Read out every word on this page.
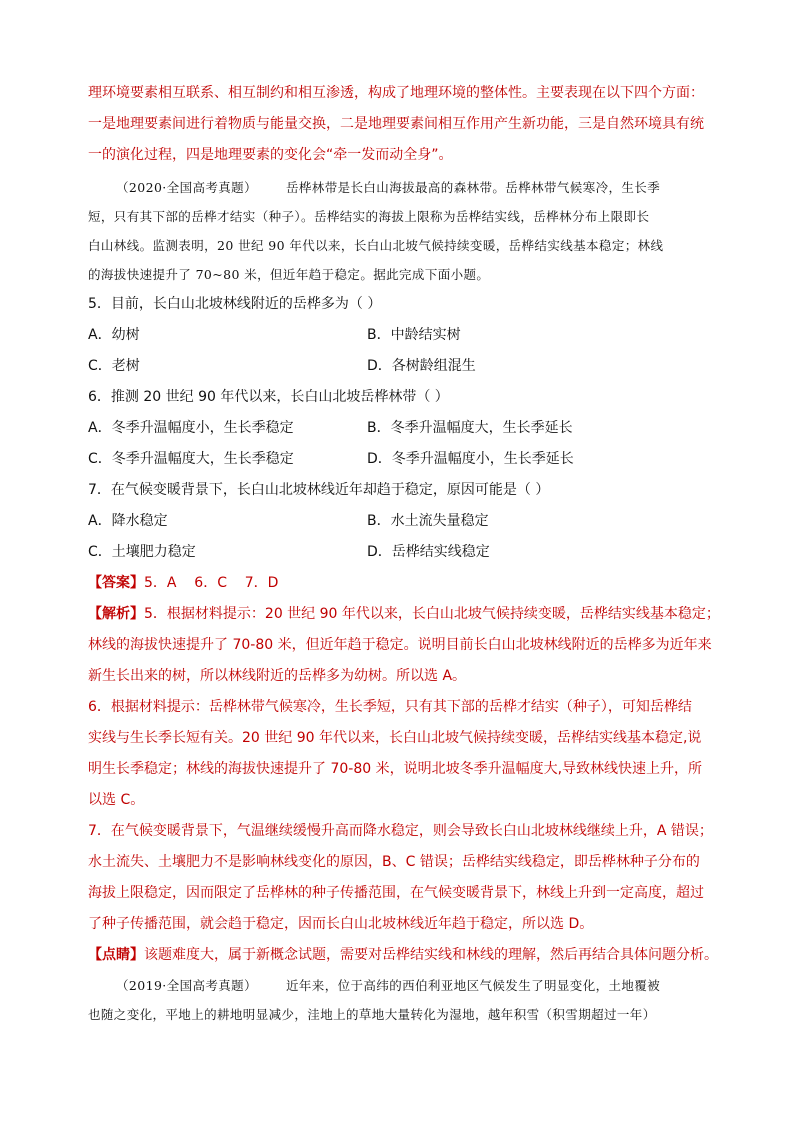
理环境要素相互联系、相互制约和相互渗透，构成了地理环境的整体性。主要表现在以下四个方面：

一是地理要素间进行着物质与能量交换，二是地理要素间相互作用产生新功能，三是自然环境具有统

一的演化过程，四是地理要素的变化会“牵一发而动全身”。

（2020·全国高考真题） 岳桦林带是长白山海拔最高的森林带。岳桦林带气候寒冷，生长季

短，只有其下部的岳桦才结实（种子）。岳桦结实的海拔上限称为岳桦结实线，岳桦林分布上限即长

白山林线。监测表明，20 世纪 90 年代以来，长白山北坡气候持续变暖，岳桦结实线基本稳定；林线

的海拔快速提升了 70~80 米，但近年趋于稳定。据此完成下面小题。

5．目前，长白山北坡林线附近的岳桦多为（ ）

A．幼树	B．中龄结实树
C．老树	D．各树龄组混生

6．推测 20 世纪 90 年代以来，长白山北坡岳桦林带（ ）

A．冬季升温幅度小，生长季稳定	B．冬季升温幅度大，生长季延长
C．冬季升温幅度大，生长季稳定	D．冬季升温幅度小，生长季延长

7．在气候变暖背景下，长白山北坡林线近年却趋于稳定，原因可能是（ ）

A．降水稳定	B．水土流失量稳定
C．土壤肥力稳定	D．岳桦结实线稳定

【答案】5．A    6．C    7．D

【解析】5．根据材料提示：20 世纪 90 年代以来，长白山北坡气候持续变暖，岳桦结实线基本稳定；

林线的海拔快速提升了 70-80 米，但近年趋于稳定。说明目前长白山北坡林线附近的岳桦多为近年来

新生长出来的树，所以林线附近的岳桦多为幼树。所以选 A。

6．根据材料提示：岳桦林带气候寒冷，生长季短，只有其下部的岳桦才结实（种子），可知岳桦结

实线与生长季长短有关。20 世纪 90 年代以来，长白山北坡气候持续变暖，岳桦结实线基本稳定,说

明生长季稳定；林线的海拔快速提升了 70-80 米，说明北坡冬季升温幅度大,导致林线快速上升，所

以选 C。

7．在气候变暖背景下，气温继续缓慢升高而降水稳定，则会导致长白山北坡林线继续上升，A 错误；

水土流失、土壤肥力不是影响林线变化的原因，B、C 错误；岳桦结实线稳定，即岳桦林种子分布的

海拔上限稳定，因而限定了岳桦林的种子传播范围，在气候变暖背景下，林线上升到一定高度，超过

了种子传播范围，就会趋于稳定，因而长白山北坡林线近年趋于稳定，所以选 D。

【点睛】该题难度大，属于新概念试题，需要对岳桦结实线和林线的理解，然后再结合具体问题分析。

（2019·全国高考真题） 近年来，位于高纬的西伯利亚地区气候发生了明显变化，土地覆被

也随之变化，平地上的耕地明显减少，洼地上的草地大量转化为湿地，越年积雪（积雪期超过一年）
